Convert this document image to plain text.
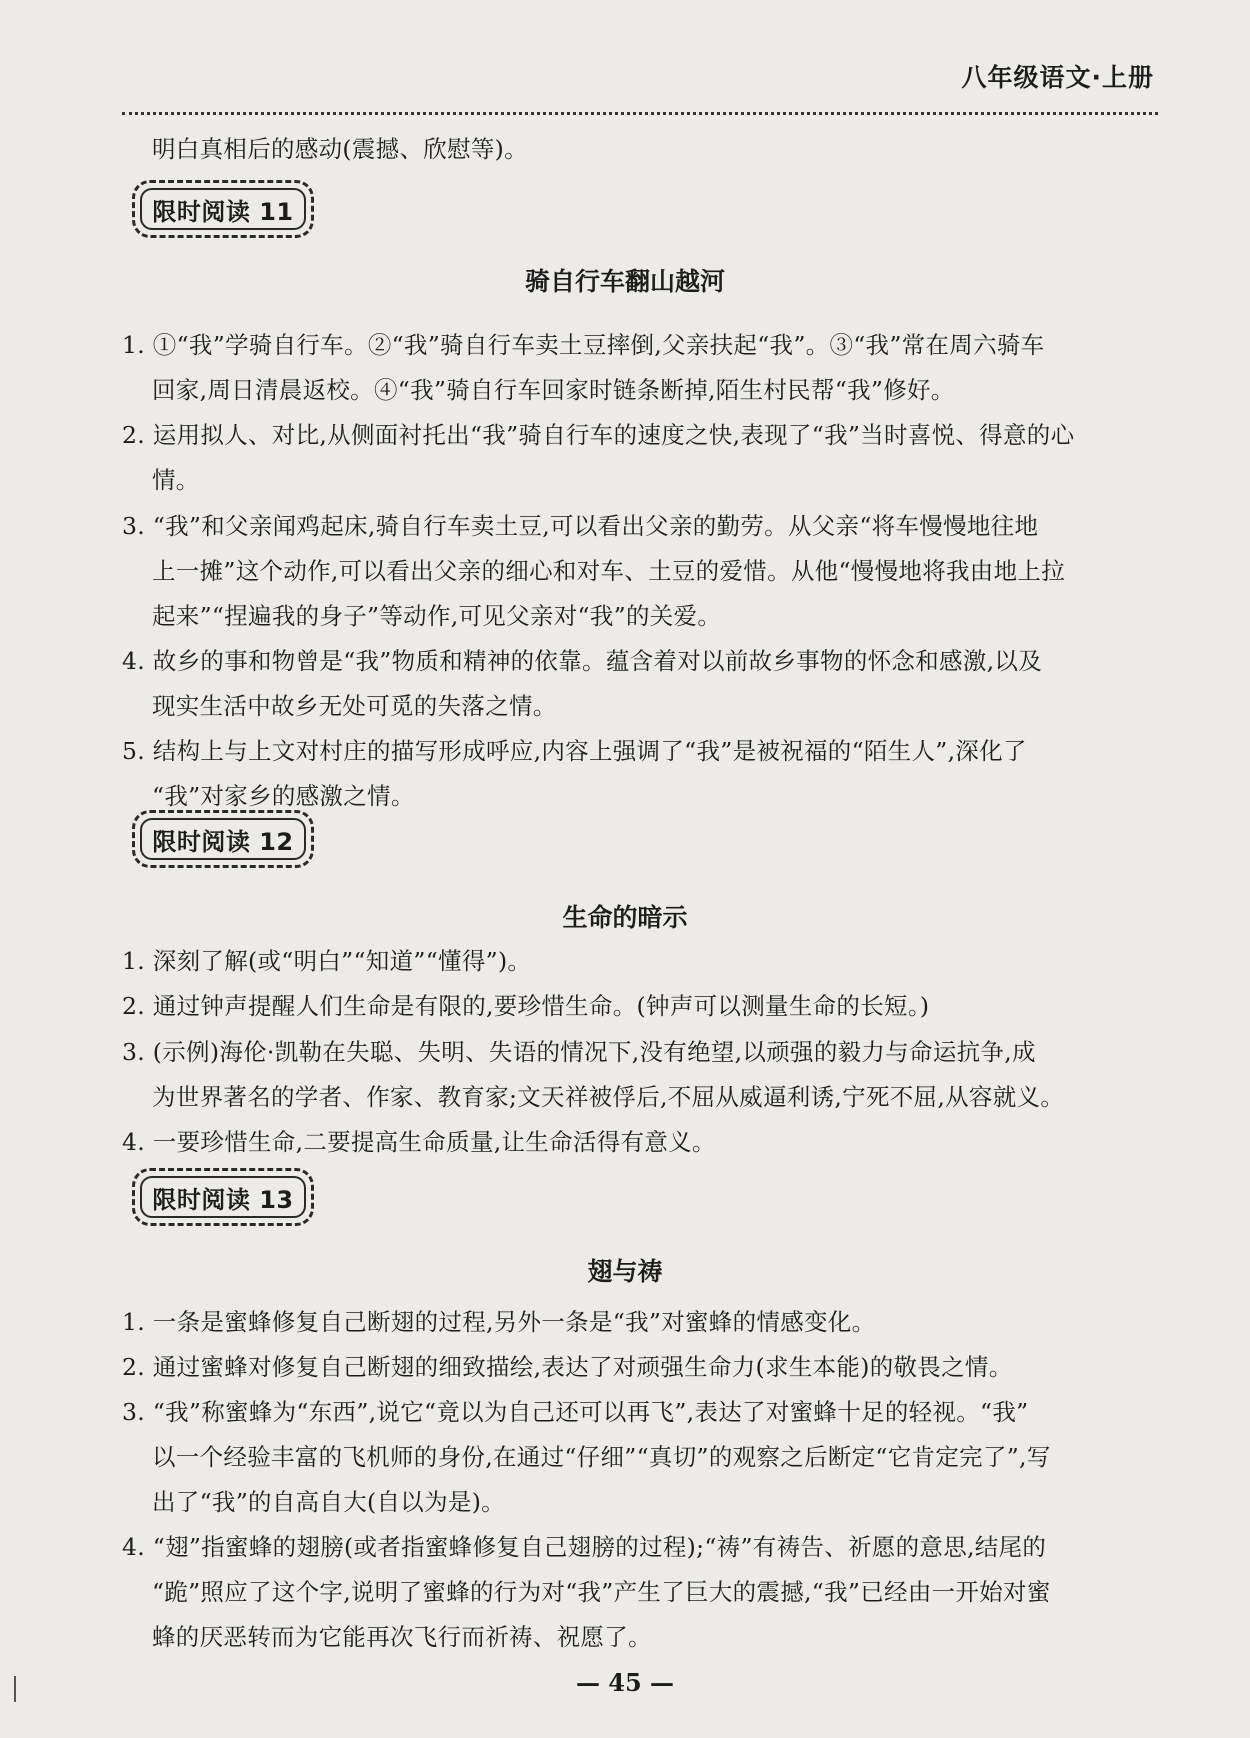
八年级语文·上册
明白真相后的感动(震撼、欣慰等)。
限时阅读 11
骑自行车翻山越河
1. ①“我”学骑自行车。②“我”骑自行车卖土豆摔倒,父亲扶起“我”。③“我”常在周六骑车
回家,周日清晨返校。④“我”骑自行车回家时链条断掉,陌生村民帮“我”修好。
2. 运用拟人、对比,从侧面衬托出“我”骑自行车的速度之快,表现了“我”当时喜悦、得意的心
情。
3. “我”和父亲闻鸡起床,骑自行车卖土豆,可以看出父亲的勤劳。从父亲“将车慢慢地往地
上一摊”这个动作,可以看出父亲的细心和对车、土豆的爱惜。从他“慢慢地将我由地上拉
起来”“捏遍我的身子”等动作,可见父亲对“我”的关爱。
4. 故乡的事和物曾是“我”物质和精神的依靠。蕴含着对以前故乡事物的怀念和感激,以及
现实生活中故乡无处可觅的失落之情。
5. 结构上与上文对村庄的描写形成呼应,内容上强调了“我”是被祝福的“陌生人”,深化了
“我”对家乡的感激之情。
限时阅读 12
生命的暗示
1. 深刻了解(或“明白”“知道”“懂得”)。
2. 通过钟声提醒人们生命是有限的,要珍惜生命。(钟声可以测量生命的长短。)
3. (示例)海伦·凯勒在失聪、失明、失语的情况下,没有绝望,以顽强的毅力与命运抗争,成
为世界著名的学者、作家、教育家;文天祥被俘后,不屈从威逼利诱,宁死不屈,从容就义。
4. 一要珍惜生命,二要提高生命质量,让生命活得有意义。
限时阅读 13
翅与祷
1. 一条是蜜蜂修复自己断翅的过程,另外一条是“我”对蜜蜂的情感变化。
2. 通过蜜蜂对修复自己断翅的细致描绘,表达了对顽强生命力(求生本能)的敬畏之情。
3. “我”称蜜蜂为“东西”,说它“竟以为自己还可以再飞”,表达了对蜜蜂十足的轻视。“我”
以一个经验丰富的飞机师的身份,在通过“仔细”“真切”的观察之后断定“它肯定完了”,写
出了“我”的自高自大(自以为是)。
4. “翅”指蜜蜂的翅膀(或者指蜜蜂修复自己翅膀的过程);“祷”有祷告、祈愿的意思,结尾的
“跪”照应了这个字,说明了蜜蜂的行为对“我”产生了巨大的震撼,“我”已经由一开始对蜜
蜂的厌恶转而为它能再次飞行而祈祷、祝愿了。
— 45 —
